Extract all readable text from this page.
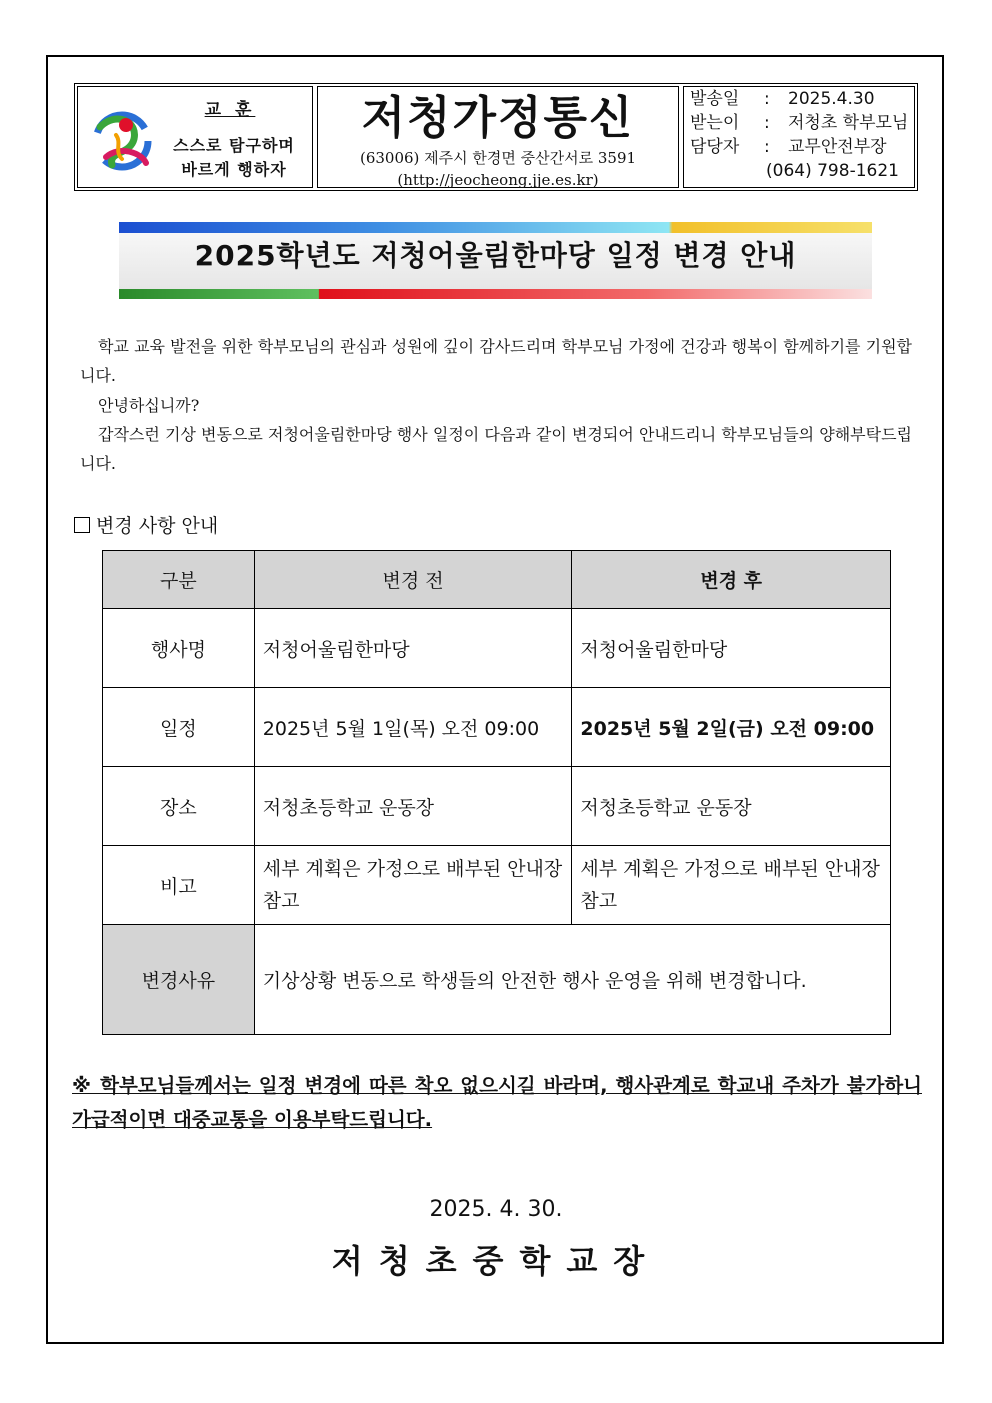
교 훈
스스로 탐구하며
바르게 행하자
저청가정통신
(63006) 제주시 한경면 중산간서로 3591
(http://jeocheong.jje.es.kr)
발송일	:	2025.4.30
받는이	:	저청초 학부모님
담당자	:	교무안전부장
(064) 798-1621
2025학년도 저청어울림한마당 일정 변경 안내
학교 교육 발전을 위한 학부모님의 관심과 성원에 깊이 감사드리며 학부모님 가정에 건강과 행복이 함께하기를 기원합니다.
안녕하십니까?
갑작스런 기상 변동으로 저청어울림한마당 행사 일정이 다음과 같이 변경되어 안내드리니 학부모님들의 양해부탁드립니다.
변경 사항 안내
구분	변경 전	변경 후
행사명	저청어울림한마당	저청어울림한마당
일정	2025년 5월 1일(목) 오전 09:00	2025년 5월 2일(금) 오전 09:00
장소	저청초등학교 운동장	저청초등학교 운동장
비고	세부 계획은 가정으로 배부된 안내장 참고	세부 계획은 가정으로 배부된 안내장 참고
변경사유	기상상황 변동으로 학생들의 안전한 행사 운영을 위해 변경합니다.	
※ 학부모님들께서는 일정 변경에 따른 착오 없으시길 바라며, 행사관계로 학교내 주차가 불가하니 가급적이면 대중교통을 이용부탁드립니다.
2025. 4. 30.
저청초중학교장
